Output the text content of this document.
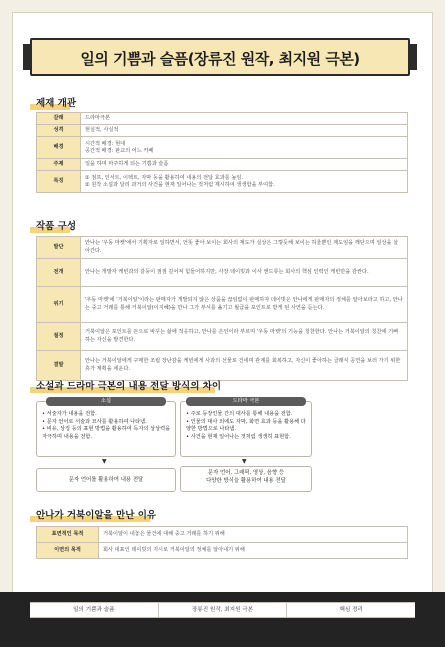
일의 기쁨과 슬픔(장류진 원작, 최지원 극본)
제재 개관
갈래	드라마극본
성격	현실적, 사실적
배경	시간적 배경: 현대
공간적 배경: 판교의 어느 카페

주제	일을 하며 마주하게 되는 기쁨과 슬픔
특징	① 점프, 인서트, 이펙트, 자막 등을 활용하여 내용의 전달 효과를 높임.
② 원작 소설과 달리 과거의 사건을 현재 일어나는 것처럼 제시하여 생생함을 부여함.
작품 구성
발단	안나는 '우동 마켓'에서 기획자로 일하면서, 언뜻 좋아 보이는 회사의 제도가 실상은 그렇듯해 보이는 허울뿐인 제도임을 깨닫으며 일상을 살아간다.
전개	안나는 개발자 케빈과의 갈등이 점점 깊어져 힘들어하지만, 사장 데이빗과 이사 앤드류는 회사의 핵심 인력인 케빈만을 감싼다.
위기	'우동 마켓'에 '거북이알'이라는 판매자가 개발되지 않은 상품을 끊임없이 판매하자 데이빗은 안나에게 판매자의 정체를 알아보라고 하고, 안나는 중고 거래를 통해 거북이알(이지혜)을 만나 그가 부서를 옮기고 월급을 포인트로 받게 된 사연을 듣는다.
절정	거북이알은 포인트를 돈으로 바꾸는 삶에 적응하고, 안나를 은인이라 부르며 '우동 마켓'의 기능을 칭찬한다. 안나는 거북이알의 칭찬에 기뻐하는 자신을 발견한다.
결말	안나는 거북이알에게 구매한 조립 장난감을 케빈에게 사과의 선물로 건네며 관계를 회복하고, 자신이 좋아하는 클래식 공연을 보러 가기 위한 휴가 계획을 세운다.
소설과 드라마 극본의 내용 전달 방식의 차이
소설
• 서술자가 내용을 전함.
• 문자 언어로 서술과 묘사를 활용하여 나타냄.
• 비유, 상징 등의 표현 방법을 활용하여 독자의 상상력을 자극하며 내용을 전함.
▼
문자 언어를 활용하여 내용 전달
드라마 극본
• 주로 등장인물 간의 대사를 통해 내용을 전함.
• 인물의 대사 외에도 자막, 화면 효과 등을 활용해 다양한 방법으로 나타냄.
• 사건을 현재 일어나는 것처럼 생생히 표현함.
▼
문자 언어, 그래픽, 영상, 음향 등
다양한 방식을 활용하여 내용 전달
안나가 거북이알을 만난 이유
표면적인 목적	거북이알이 내놓은 물건에 대해 중고 거래를 하기 위해
이면의 목적	회사 대표인 데이빗의 지시로 거북이알의 정체를 알아내기 위해
일의 기쁨과 슬픔	장류진 원작, 최지원 극본	핵심 정리
